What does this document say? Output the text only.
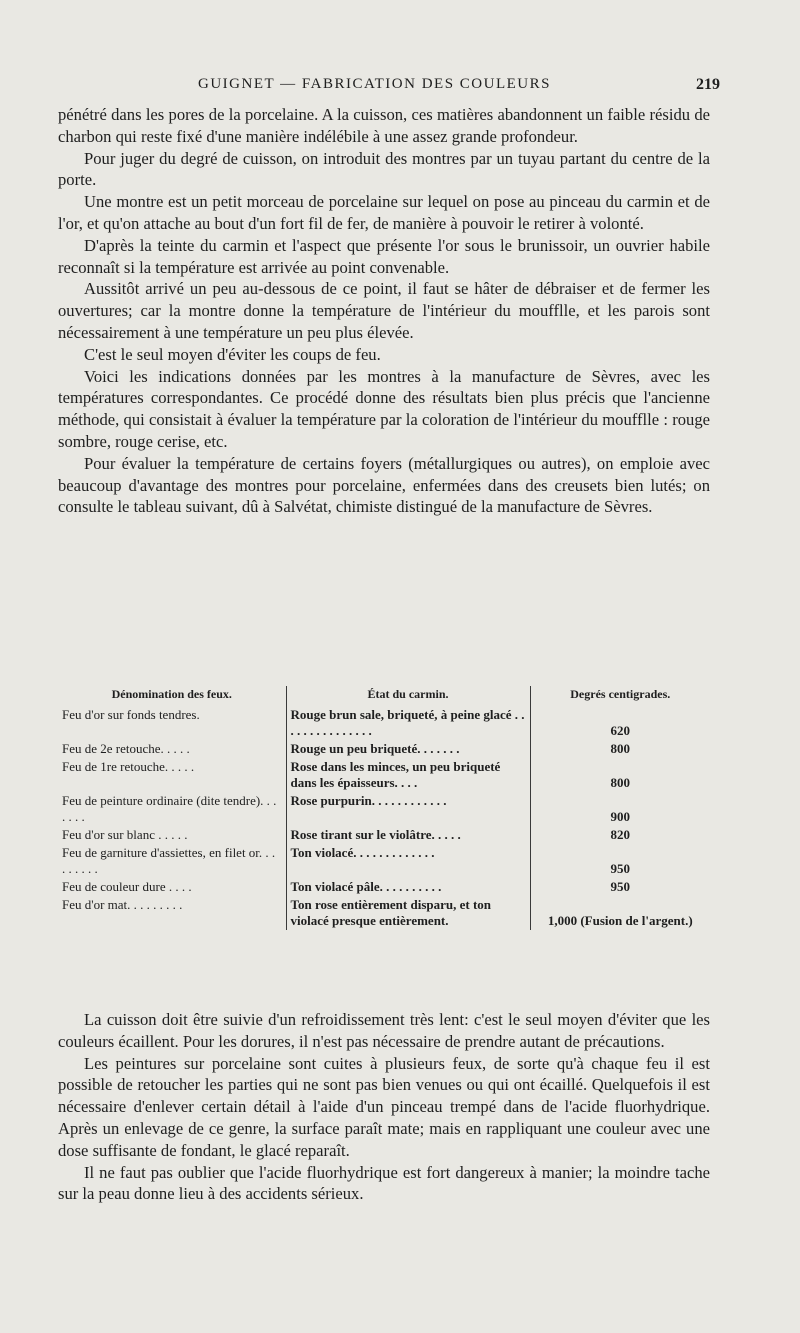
GUIGNET — FABRICATION DES COULEURS	219

pénétré dans les pores de la porcelaine. A la cuisson, ces matières abandonnent un faible résidu de charbon qui reste fixé d'une manière indélébile à une assez grande profondeur.

Pour juger du degré de cuisson, on introduit des montres par un tuyau partant du centre de la porte.

Une montre est un petit morceau de porcelaine sur lequel on pose au pinceau du carmin et de l'or, et qu'on attache au bout d'un fort fil de fer, de manière à pouvoir le retirer à volonté.

D'après la teinte du carmin et l'aspect que présente l'or sous le brunissoir, un ouvrier habile reconnaît si la température est arrivée au point convenable.

Aussitôt arrivé un peu au-dessous de ce point, il faut se hâter de débraiser et de fermer les ouvertures; car la montre donne la température de l'intérieur du moufflle, et les parois sont nécessairement à une température un peu plus élevée.

C'est le seul moyen d'éviter les coups de feu.

Voici les indications données par les montres à la manufacture de Sèvres, avec les températures correspondantes. Ce procédé donne des résultats bien plus précis que l'ancienne méthode, qui consistait à évaluer la température par la coloration de l'intérieur du moufflle : rouge sombre, rouge cerise, etc.

Pour évaluer la température de certains foyers (métallurgiques ou autres), on emploie avec beaucoup d'avantage des montres pour porcelaine, enfermées dans des creusets bien lutés; on consulte le tableau suivant, dû à Salvétat, chimiste distingué de la manufacture de Sèvres.

Dénomination des feux.	État du carmin.	Degrés centigrades.
Feu d'or sur fonds tendres.	Rouge brun sale, briqueté, à peine glacé . . . . . . . . . . . . . . .	620
Feu de 2e retouche. . . . .	Rouge un peu briqueté. . . . . . .	800
Feu de 1re retouche. . . . .	Rose dans les minces, un peu briqueté dans les épaisseurs. . . .	800
Feu de peinture ordinaire (dite tendre). . . . . . .	Rose purpurin. . . . . . . . . . . .	900
Feu d'or sur blanc . . . . .	Rose tirant sur le violâtre. . . . .	820
Feu de garniture d'assiettes, en filet or. . . . . . . . .	Ton violacé. . . . . . . . . . . . .	950
Feu de couleur dure . . . .	Ton violacé pâle. . . . . . . . . .	950
Feu d'or mat. . . . . . . . .	Ton rose entièrement disparu, et ton violacé presque entièrement.	1,000 (Fusion de l'argent.)

La cuisson doit être suivie d'un refroidissement très lent: c'est le seul moyen d'éviter que les couleurs écaillent. Pour les dorures, il n'est pas nécessaire de prendre autant de précautions.

Les peintures sur porcelaine sont cuites à plusieurs feux, de sorte qu'à chaque feu il est possible de retoucher les parties qui ne sont pas bien venues ou qui ont écaillé. Quelquefois il est nécessaire d'enlever certain détail à l'aide d'un pinceau trempé dans de l'acide fluorhydrique. Après un enlevage de ce genre, la surface paraît mate; mais en rappliquant une couleur avec une dose suffisante de fondant, le glacé reparaît.

Il ne faut pas oublier que l'acide fluorhydrique est fort dangereux à manier; la moindre tache sur la peau donne lieu à des accidents sérieux.
